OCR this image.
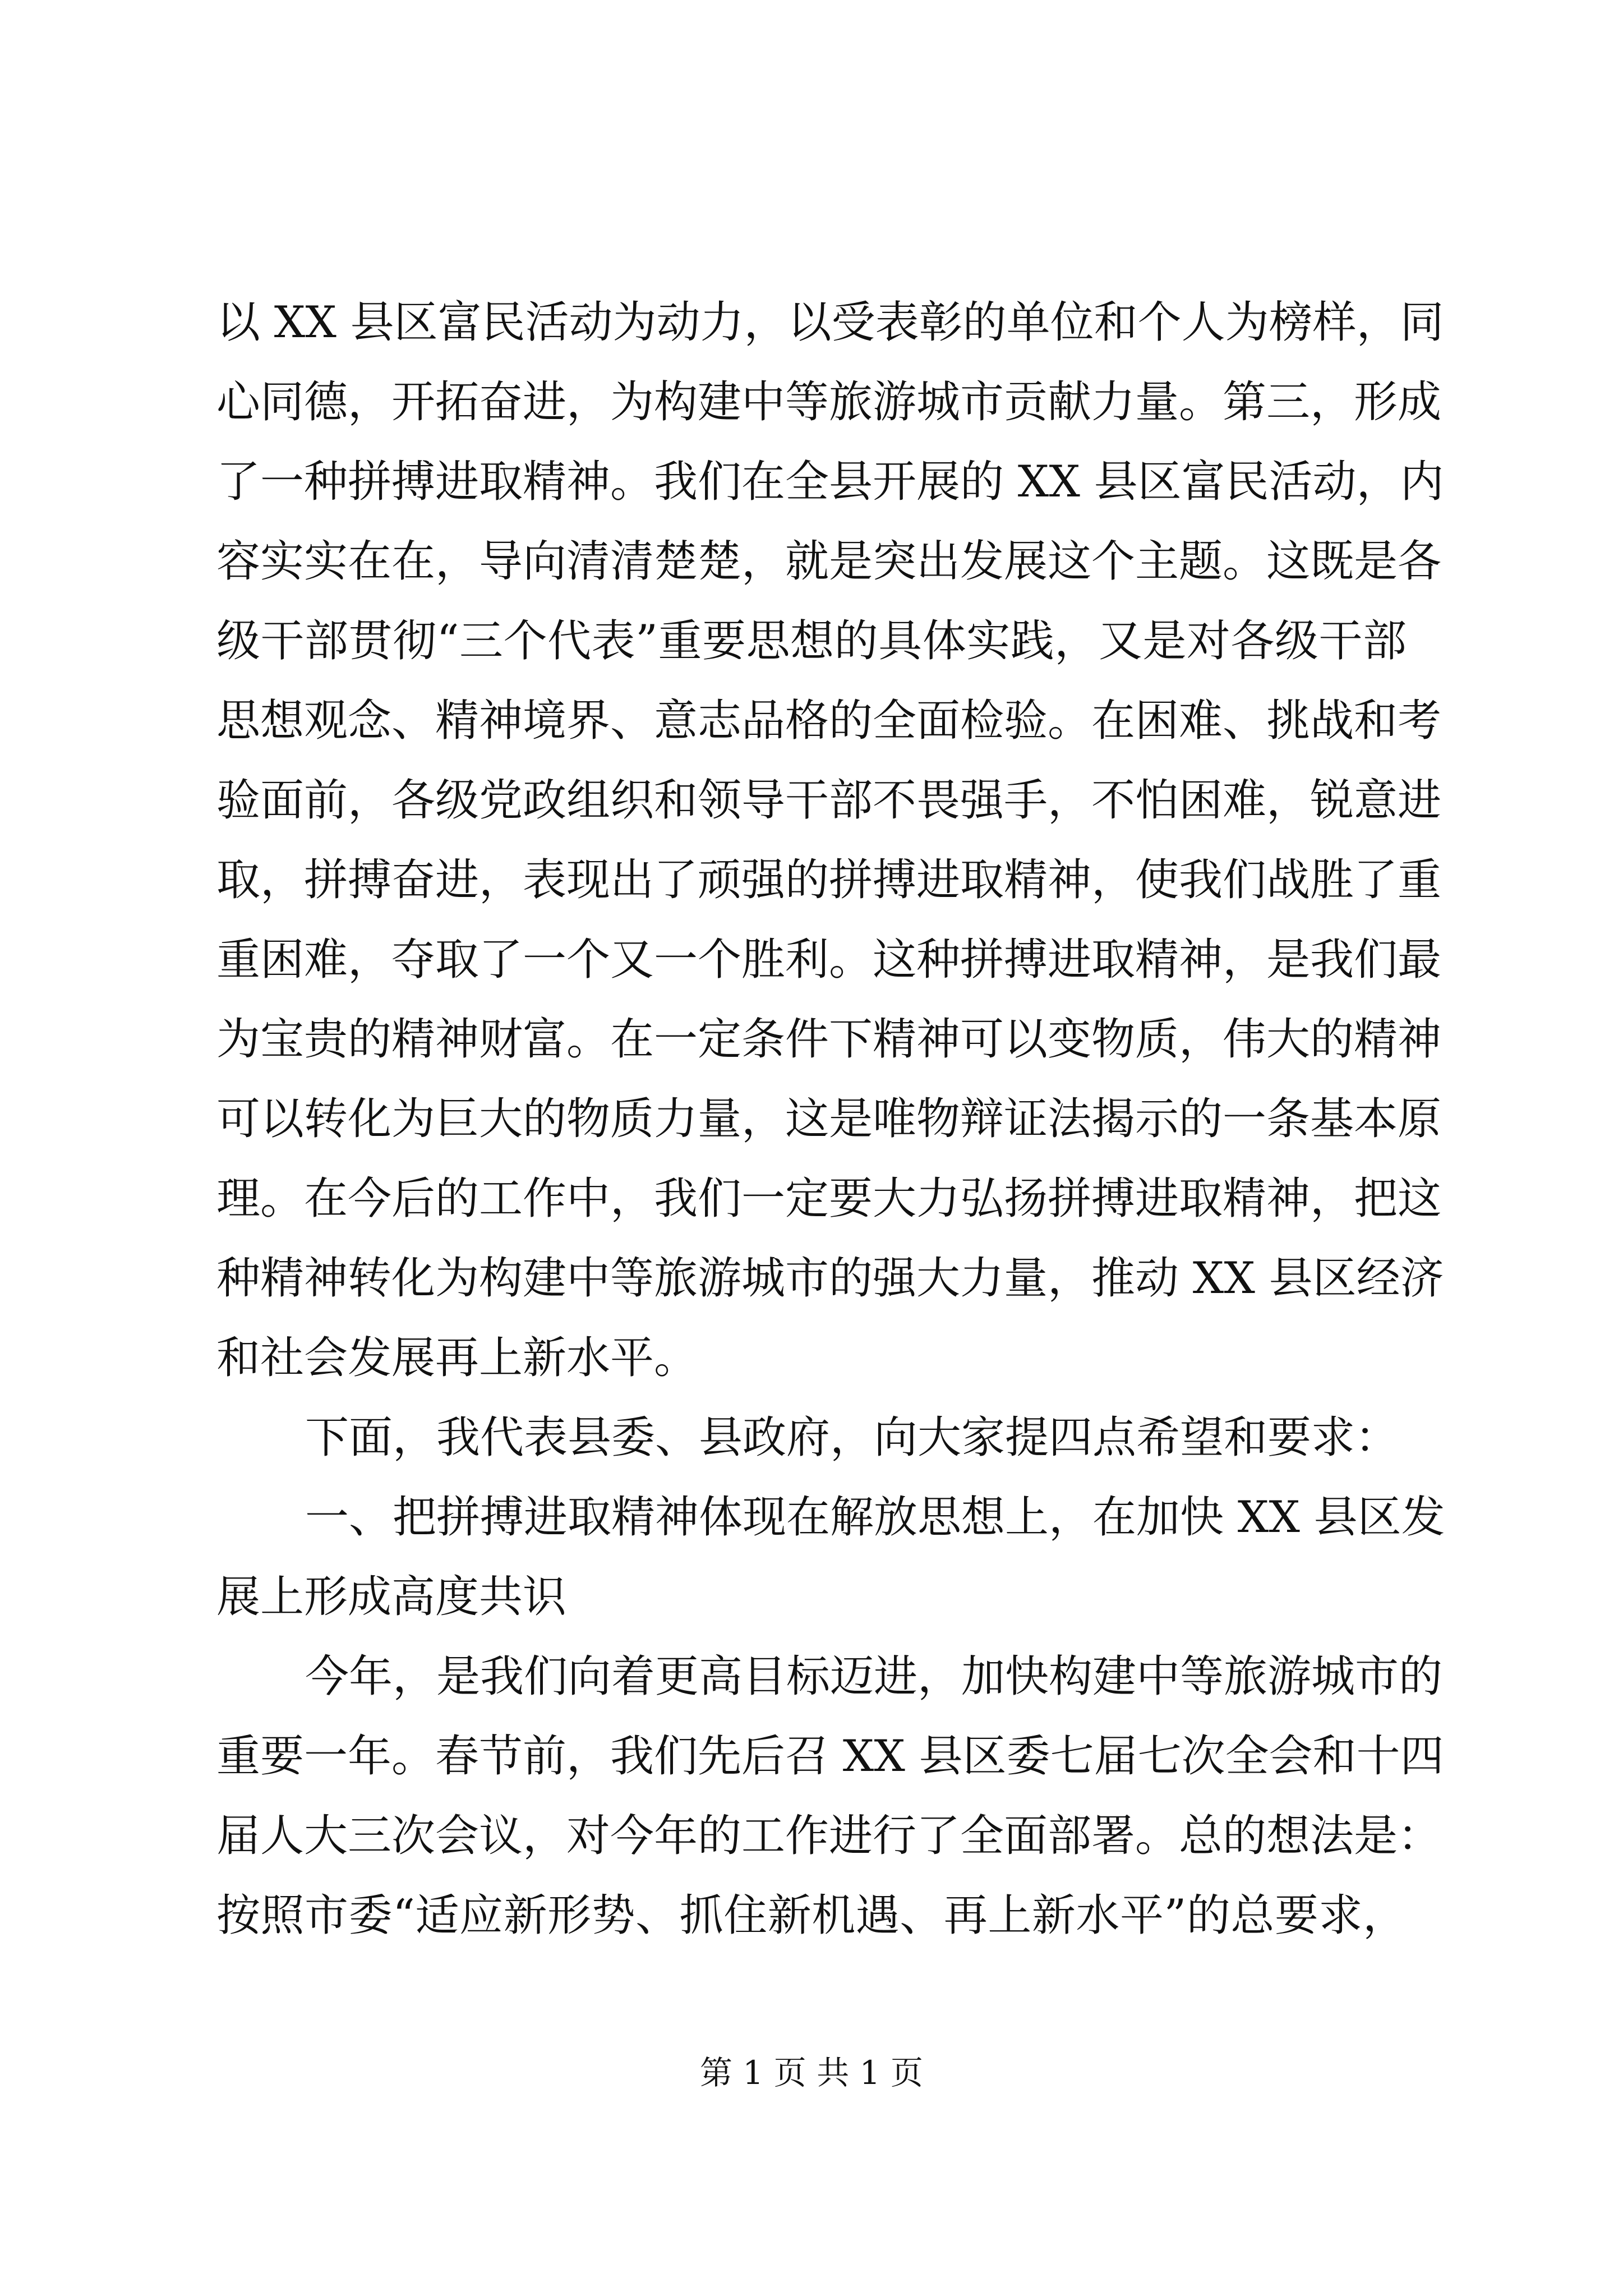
以 XX 县区富民活动为动力，以受表彰的单位和个人为榜样，同
心同德，开拓奋进，为构建中等旅游城市贡献力量。第三，形成
了一种拼搏进取精神。我们在全县开展的 XX 县区富民活动，内
容实实在在，导向清清楚楚，就是突出发展这个主题。这既是各
级干部贯彻“三个代表”重要思想的具体实践，又是对各级干部
思想观念、精神境界、意志品格的全面检验。在困难、挑战和考
验面前，各级党政组织和领导干部不畏强手，不怕困难，锐意进
取，拼搏奋进，表现出了顽强的拼搏进取精神，使我们战胜了重
重困难，夺取了一个又一个胜利。这种拼搏进取精神，是我们最
为宝贵的精神财富。在一定条件下精神可以变物质，伟大的精神
可以转化为巨大的物质力量，这是唯物辩证法揭示的一条基本原
理。在今后的工作中，我们一定要大力弘扬拼搏进取精神，把这
种精神转化为构建中等旅游城市的强大力量，推动 XX 县区经济
和社会发展再上新水平。
下面，我代表县委、县政府，向大家提四点希望和要求：
一、把拼搏进取精神体现在解放思想上，在加快 XX 县区发
展上形成高度共识
今年，是我们向着更高目标迈进，加快构建中等旅游城市的
重要一年。春节前，我们先后召 XX 县区委七届七次全会和十四
届人大三次会议，对今年的工作进行了全面部署。总的想法是：
按照市委“适应新形势、抓住新机遇、再上新水平”的总要求，
第 1 页 共 1 页
